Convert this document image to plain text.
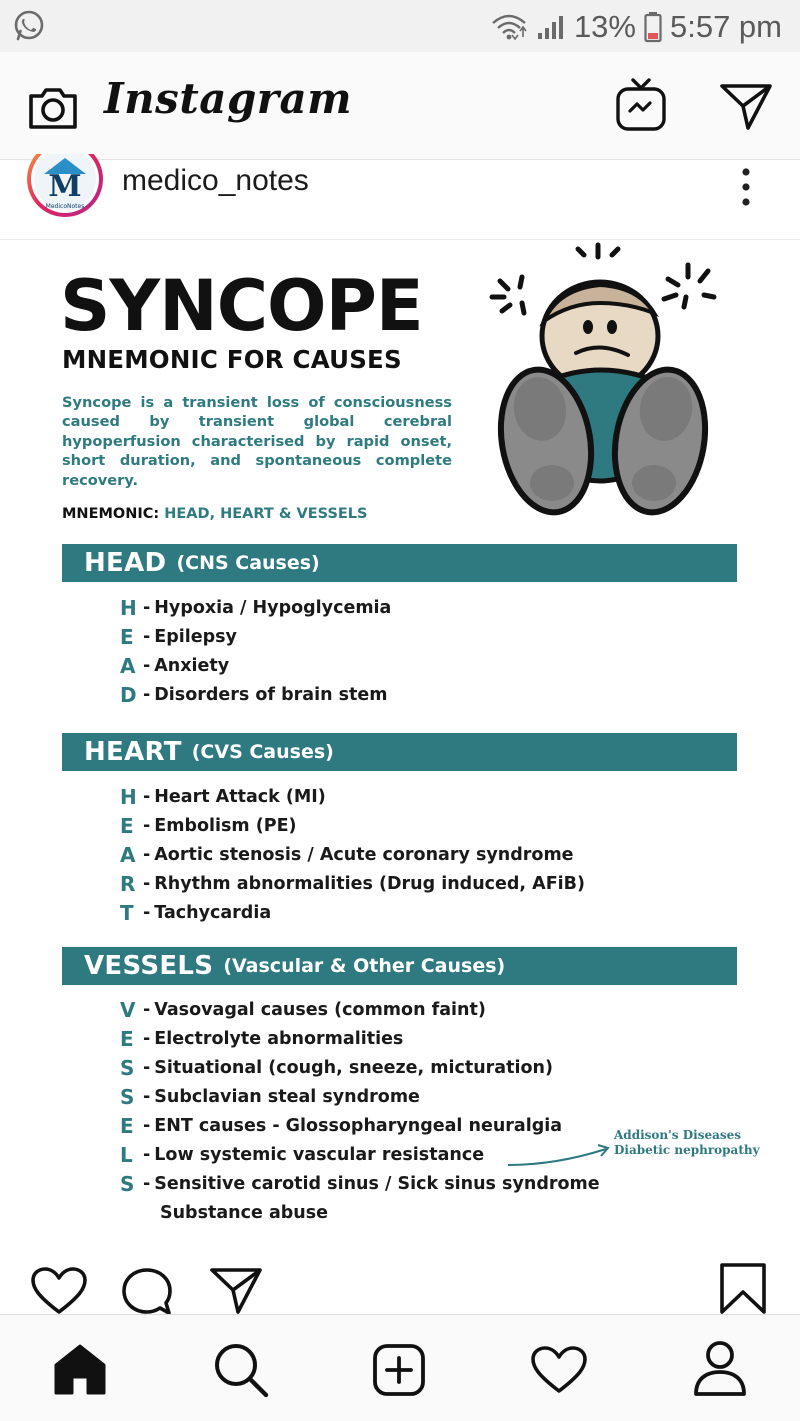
13% 5:57 pm
Instagram
M
MedicoNotes
medico_notes
SYNCOPE
MNEMONIC FOR CAUSES
Syncope is a transient loss of consciousness caused by transient global cerebral hypoperfusion characterised by rapid onset, short duration, and spontaneous complete recovery.
MNEMONIC: HEAD, HEART & VESSELS
HEAD (CNS Causes)
H - Hypoxia / Hypoglycemia
E - Epilepsy
A - Anxiety
D - Disorders of brain stem
HEART (CVS Causes)
H - Heart Attack (MI)
E - Embolism (PE)
A - Aortic stenosis / Acute coronary syndrome
R - Rhythm abnormalities (Drug induced, AFiB)
T - Tachycardia
VESSELS (Vascular & Other Causes)
V - Vasovagal causes (common faint)
E - Electrolyte abnormalities
S - Situational (cough, sneeze, micturation)
S - Subclavian steal syndrome
E - ENT causes - Glossopharyngeal neuralgia
L - Low systemic vascular resistance
S - Sensitive carotid sinus / Sick sinus syndrome
Substance abuse
Addison's Diseases
Diabetic nephropathy
